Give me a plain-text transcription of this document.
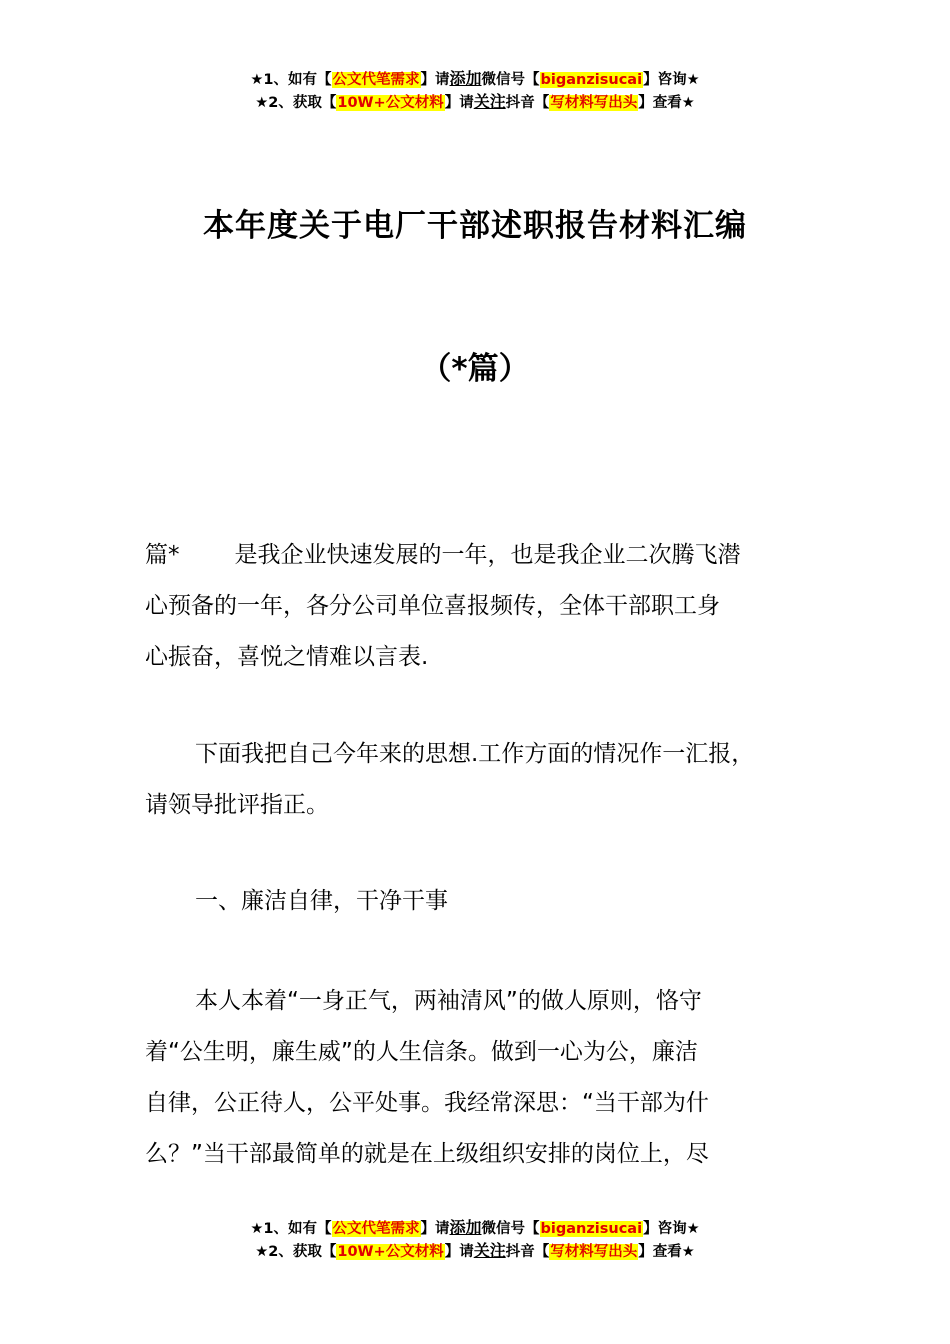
★1、如有【公文代笔需求】请添加微信号【biganzisucai】咨询★
★2、获取【10W+公文材料】请关注抖音【写材料写出头】查看★
本年度关于电厂干部述职报告材料汇编
（*篇）
篇* 是我企业快速发展的一年，也是我企业二次腾飞潜
心预备的一年，各分公司单位喜报频传，全体干部职工身
心振奋，喜悦之情难以言表.
下面我把自己今年来的思想.工作方面的情况作一汇报，
请领导批评指正。
一、廉洁自律，干净干事
本人本着“一身正气，两袖清风”的做人原则，恪守
着“公生明，廉生威”的人生信条。做到一心为公，廉洁
自律，公正待人，公平处事。我经常深思：“当干部为什
么？”当干部最简单的就是在上级组织安排的岗位上，尽
★1、如有【公文代笔需求】请添加微信号【biganzisucai】咨询★
★2、获取【10W+公文材料】请关注抖音【写材料写出头】查看★
